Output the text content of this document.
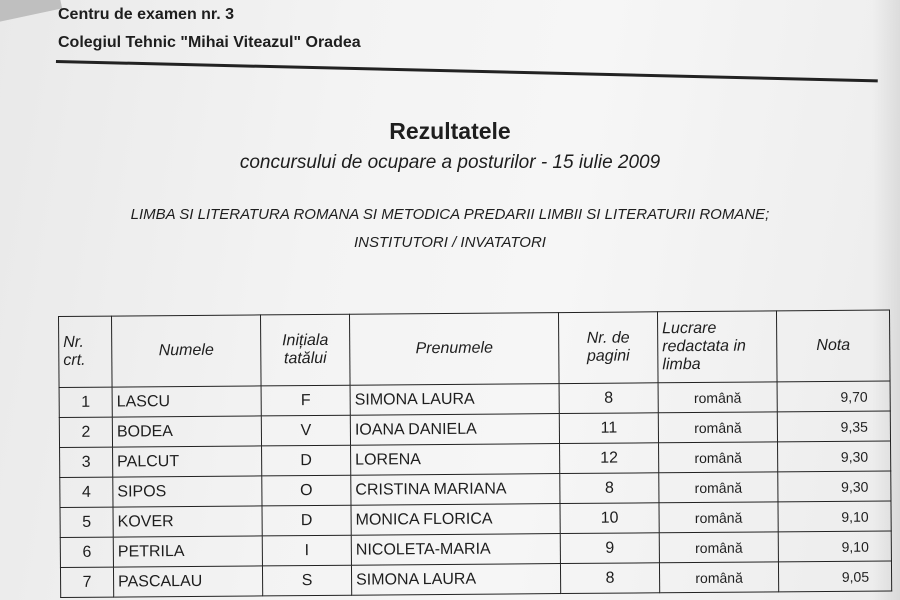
Centru de examen nr. 3
Colegiul Tehnic "Mihai Viteazul" Oradea
Rezultatele
concursului de ocupare a posturilor - 15 iulie 2009
LIMBA SI LITERATURA ROMANA SI METODICA PREDARII LIMBII SI LITERATURII ROMANE;
INSTITUTORI / INVATATORI
Nr. crt.	Numele	Inițiala tatălui	Prenumele	Nr. de pagini	Lucrare redactata in limba	Nota
1	LASCU	F	SIMONA LAURA	8	română	9,70
2	BODEA	V	IOANA DANIELA	11	română	9,35
3	PALCUT	D	LORENA	12	română	9,30
4	SIPOS	O	CRISTINA MARIANA	8	română	9,30
5	KOVER	D	MONICA FLORICA	10	română	9,10
6	PETRILA	I	NICOLETA-MARIA	9	română	9,10
7	PASCALAU	S	SIMONA LAURA	8	română	9,05
